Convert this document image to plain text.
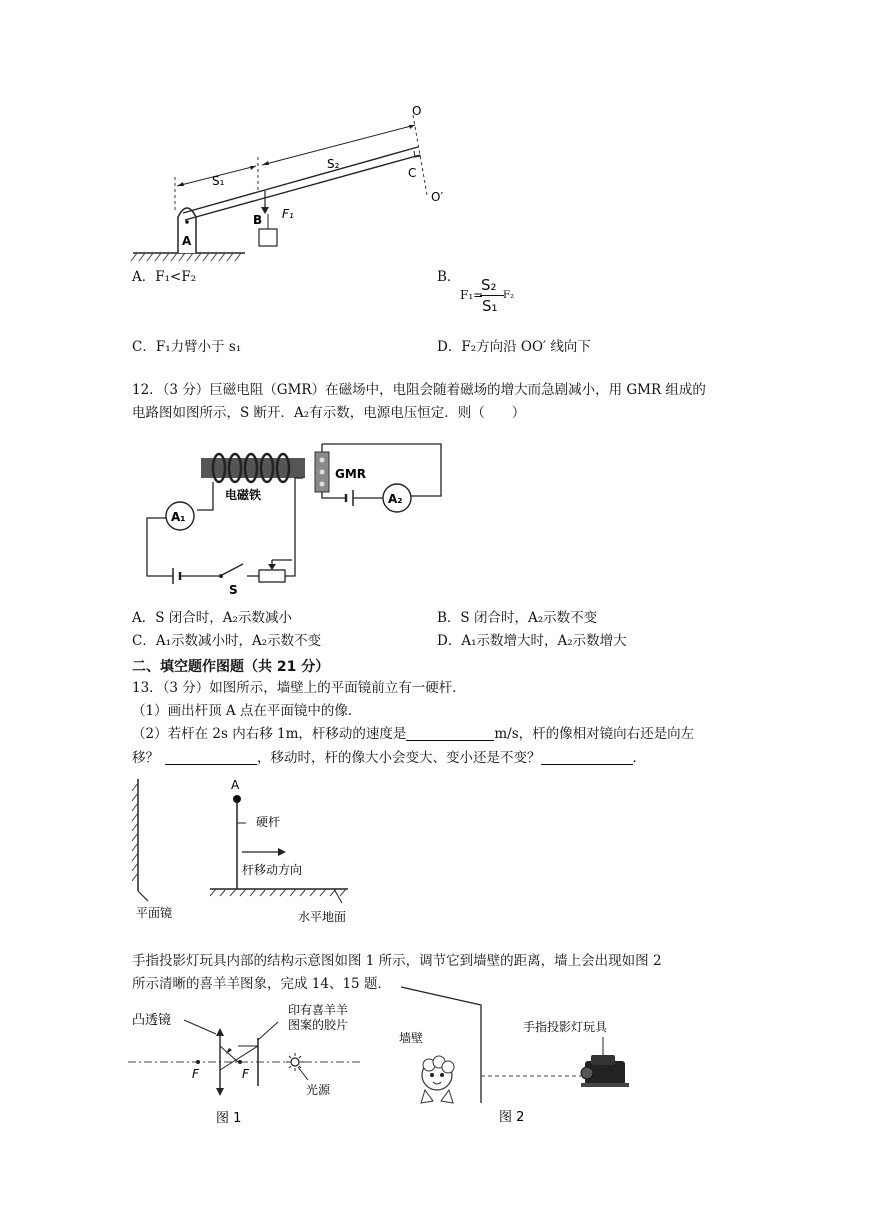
O
O′
C
S₁
S₂
B F₁
A
A．F₁<F₂	B．
F₁=
S₂
S₁
F₂
C．F₁力臂小于 s₁	D．F₂方向沿 OO′ 线向下
12．（3 分）巨磁电阻（GMR）在磁场中，电阻会随着磁场的增大而急剧减小，用 GMR 组成的
电路图如图所示，S 断开．A₂有示数，电源电压恒定．则（　　）
电磁铁
A₁
S
GMR
A₂
A．S 闭合时，A₂示数减小	B．S 闭合时，A₂示数不变
C．A₁示数减小时，A₂示数不变	D．A₁示数增大时，A₂示数增大
二、填空题作图题（共 21 分）
13．（3 分）如图所示，墙壁上的平面镜前立有一硬杆．
（1）画出杆顶 A 点在平面镜中的像．
（2）若杆在 2s 内右移 1m，杆移动的速度是	m/s，杆的像相对镜向右还是向左
移？	，移动时，杆的像大小会变大、变小还是不变？	．
A
硬杆
杆移动方向
平面镜	水平地面
手指投影灯玩具内部的结构示意图如图 1 所示，调节它到墙壁的距离，墙上会出现如图 2
所示清晰的喜羊羊图象，完成 14、15 题．
凸透镜
印有喜羊羊
图案的胶片
F	F
光源
图 1
墙壁
手指投影灯玩具
图 2
